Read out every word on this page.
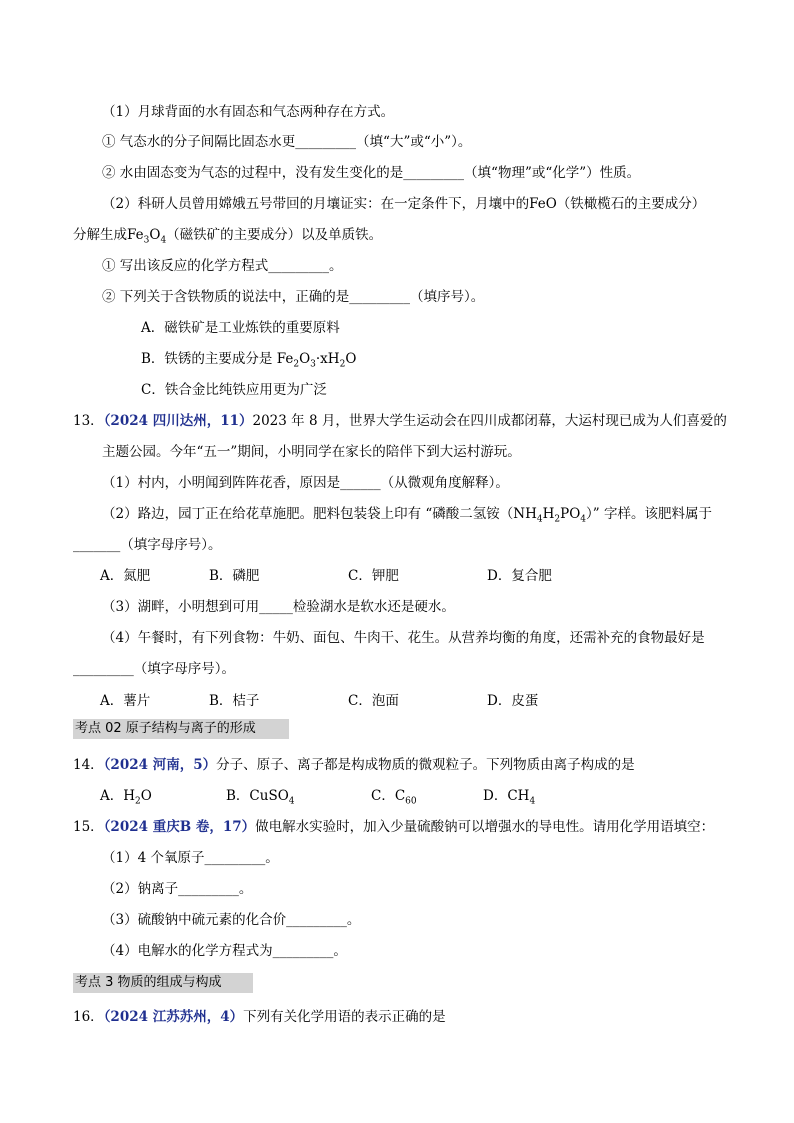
（1）月球背面的水有固态和气态两种存在方式。
① 气态水的分子间隔比固态水更_________（填“大”或“小”）。
② 水由固态变为气态的过程中，没有发生变化的是_________（填“物理”或“化学”）性质。
（2）科研人员曾用嫦娥五号带回的月壤证实：在一定条件下，月壤中的FeO（铁橄榄石的主要成分）
分解生成$Fe_3O_4$（磁铁矿的主要成分）以及单质铁。
① 写出该反应的化学方程式_________。
② 下列关于含铁物质的说法中，正确的是_________（填序号）。
A．磁铁矿是工业炼铁的重要原料
B．铁锈的主要成分是 $Fe_2O_3\cdot xH_2O$
C．铁合金比纯铁应用更为广泛
13．（2024 四川达州，11）2023 年 8 月，世界大学生运动会在四川成都闭幕，大运村现已成为人们喜爱的
主题公园。今年“五一”期间，小明同学在家长的陪伴下到大运村游玩。
（1）村内，小明闻到阵阵花香，原因是______（从微观角度解释）。
（2）路边，园丁正在给花草施肥。肥料包装袋上印有 “磷酸二氢铵$(NH_4H_2PO_4)$” 字样。该肥料属于
_______（填字母序号）。
A．氮肥	B．磷肥	C．钾肥	D．复合肥
（3）湖畔，小明想到可用_____检验湖水是软水还是硬水。
（4）午餐时，有下列食物：牛奶、面包、牛肉干、花生。从营养均衡的角度，还需补充的食物最好是
_________（填字母序号）。
A．薯片	B．桔子	C．泡面	D．皮蛋
考点 02 原子结构与离子的形成
14．（2024 河南，5）分子、原子、离子都是构成物质的微观粒子。下列物质由离子构成的是
A．$H_2O$	B．CuSO$_4$	C．$C_{60}$	D．$CH_4$
15．（2024 重庆B 卷，17）做电解水实验时，加入少量硫酸钠可以增强水的导电性。请用化学用语填空：
（1）4 个氧原子_________。
（2）钠离子_________。
（3）硫酸钠中硫元素的化合价_________。
（4）电解水的化学方程式为_________。
考点 3 物质的组成与构成
16．（2024 江苏苏州，4）下列有关化学用语的表示正确的是
